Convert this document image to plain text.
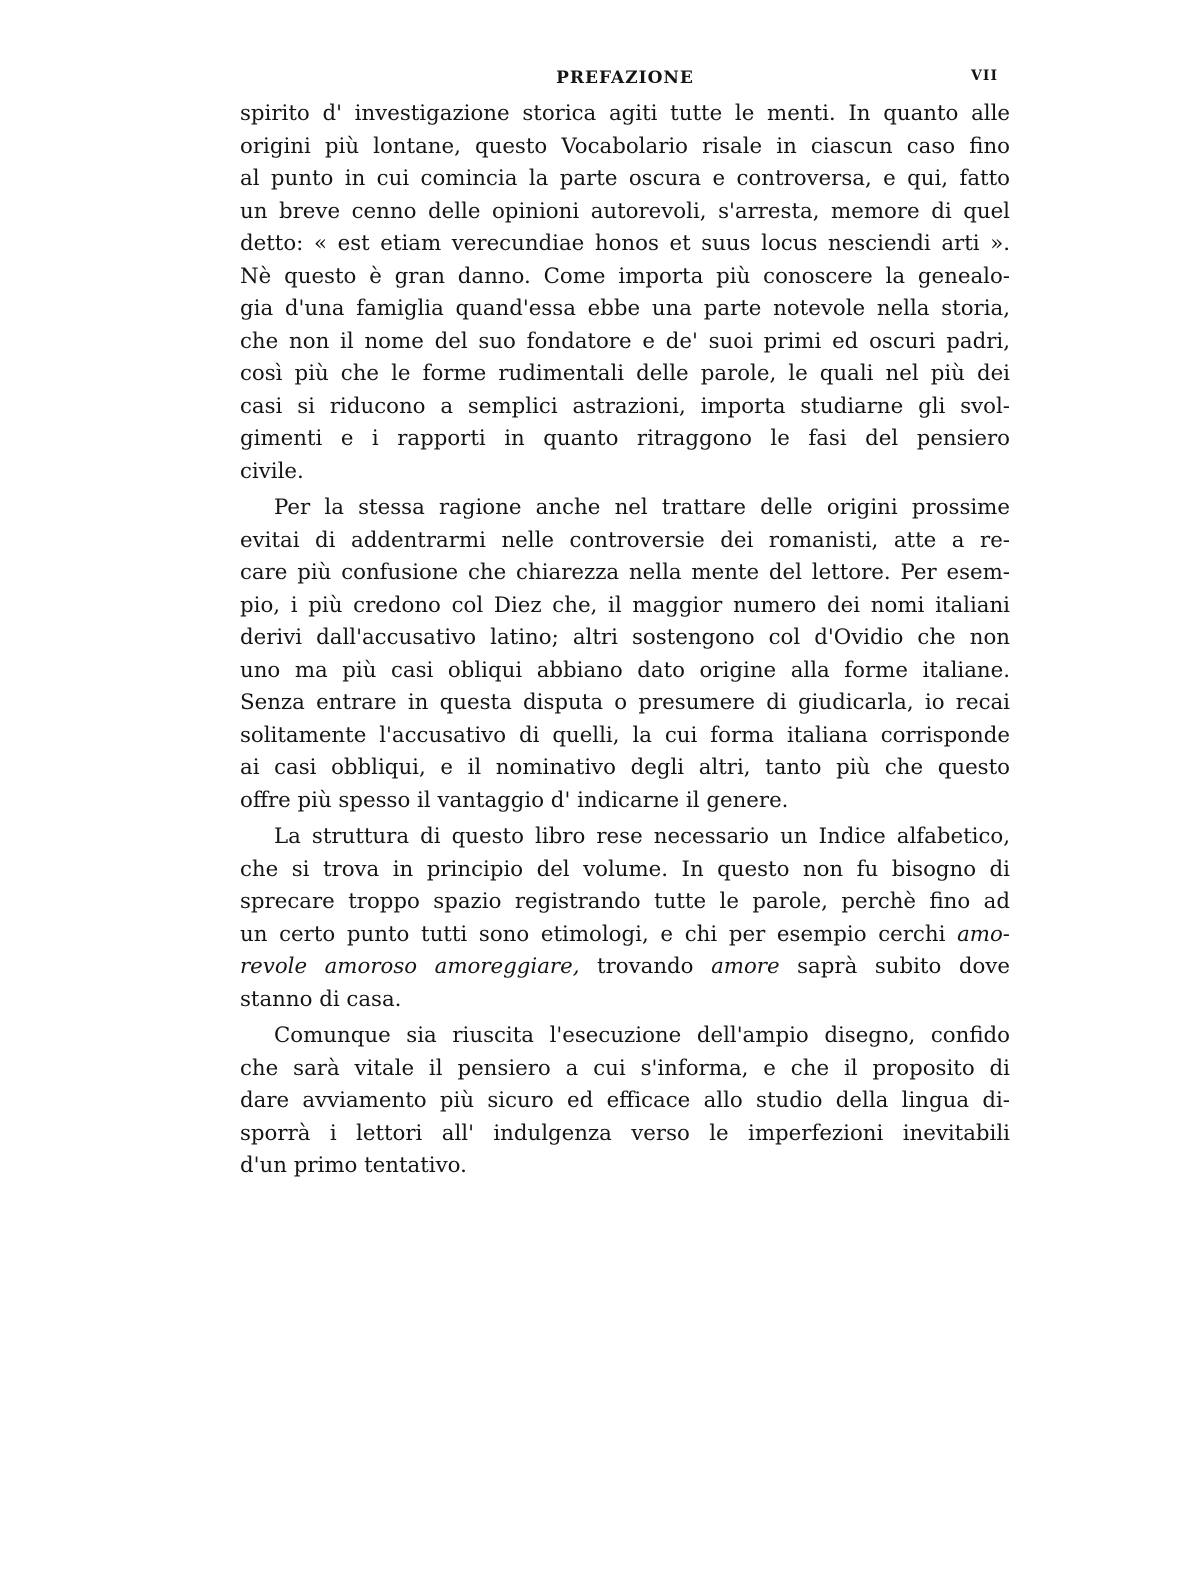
PREFAZIONE	VII
spirito d' investigazione storica agiti tutte le menti. In quanto alle
origini più lontane, questo Vocabolario risale in ciascun caso fino
al punto in cui comincia la parte oscura e controversa, e qui, fatto
un breve cenno delle opinioni autorevoli, s'arresta, memore di quel
detto: « est etiam verecundiae honos et suus locus nesciendi arti ».
Nè questo è gran danno. Come importa più conoscere la genealo-
gia d'una famiglia quand'essa ebbe una parte notevole nella storia,
che non il nome del suo fondatore e de' suoi primi ed oscuri padri,
così più che le forme rudimentali delle parole, le quali nel più dei
casi si riducono a semplici astrazioni, importa studiarne gli svol-
gimenti e i rapporti in quanto ritraggono le fasi del pensiero
civile.
Per la stessa ragione anche nel trattare delle origini prossime
evitai di addentrarmi nelle controversie dei romanisti, atte a re-
care più confusione che chiarezza nella mente del lettore. Per esem-
pio, i più credono col Diez che, il maggior numero dei nomi italiani
derivi dall'accusativo latino; altri sostengono col d'Ovidio che non
uno ma più casi obliqui abbiano dato origine alla forme italiane.
Senza entrare in questa disputa o presumere di giudicarla, io recai
solitamente l'accusativo di quelli, la cui forma italiana corrisponde
ai casi obbliqui, e il nominativo degli altri, tanto più che questo
offre più spesso il vantaggio d' indicarne il genere.
La struttura di questo libro rese necessario un Indice alfabetico,
che si trova in principio del volume. In questo non fu bisogno di
sprecare troppo spazio registrando tutte le parole, perchè fino ad
un certo punto tutti sono etimologi, e chi per esempio cerchi amo-
revole amoroso amoreggiare, trovando amore saprà subito dove
stanno di casa.
Comunque sia riuscita l'esecuzione dell'ampio disegno, confido
che sarà vitale il pensiero a cui s'informa, e che il proposito di
dare avviamento più sicuro ed efficace allo studio della lingua di-
sporrà i lettori all' indulgenza verso le imperfezioni inevitabili
d'un primo tentativo.
